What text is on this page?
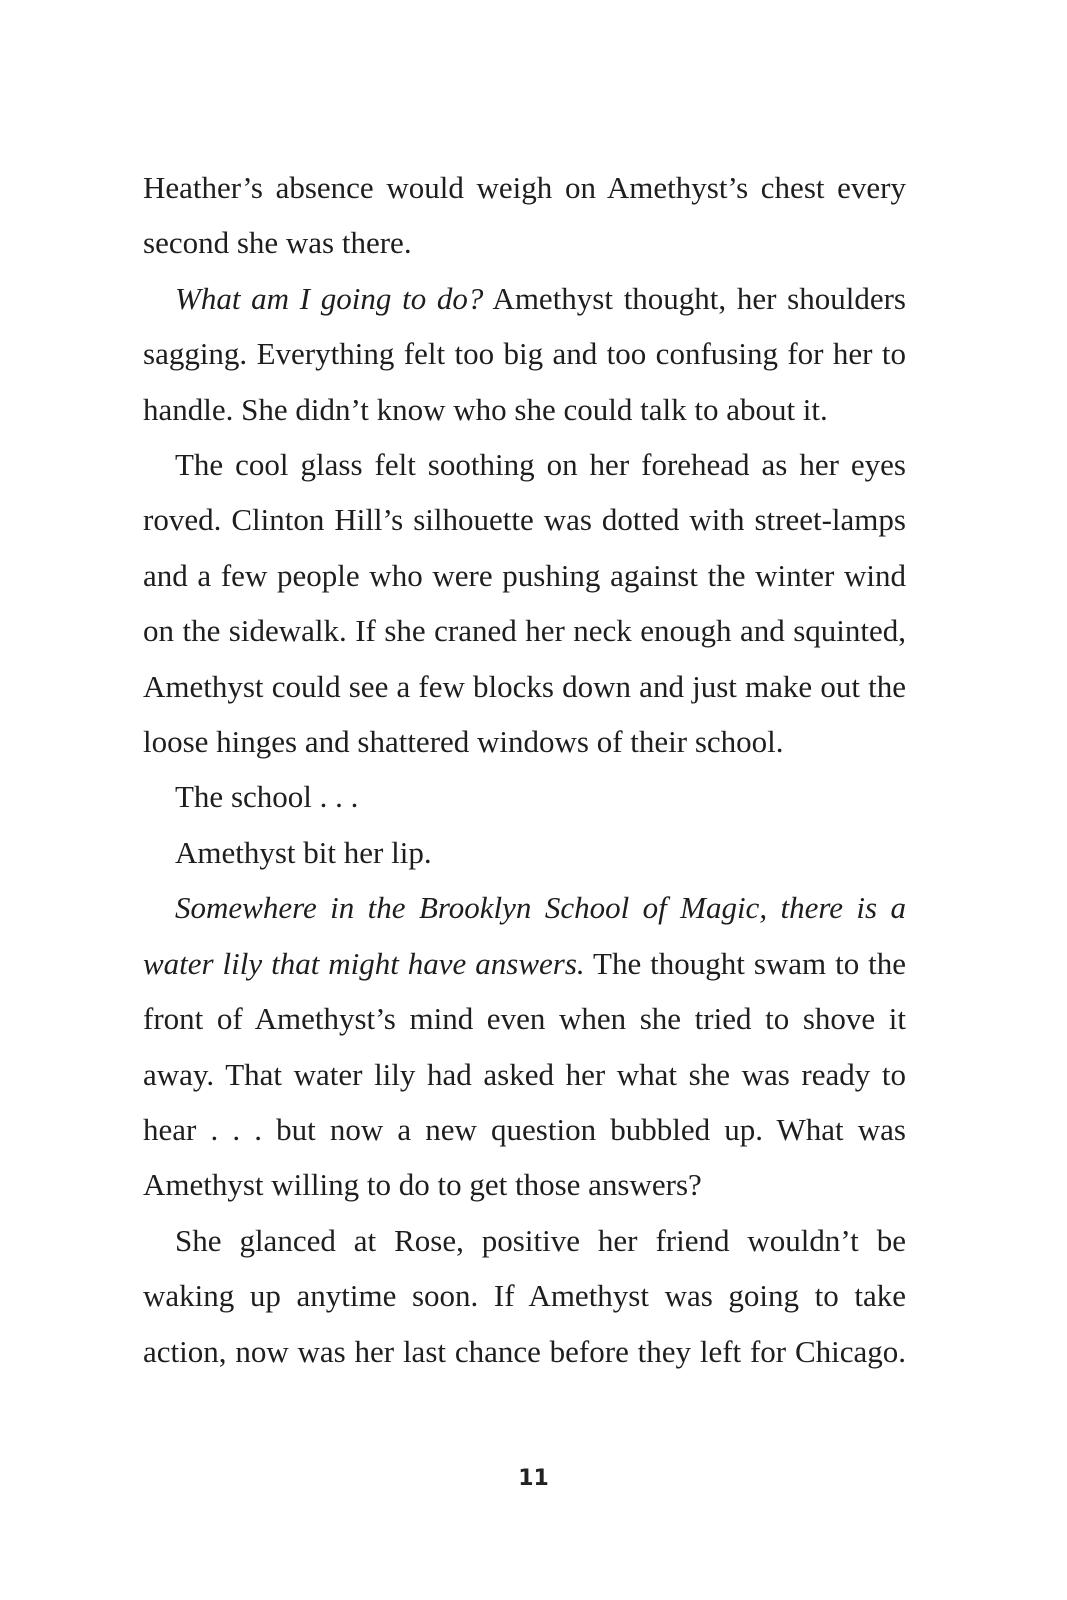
Heather’s absence would weigh on Amethyst’s chest every second she was there.

What am I going to do? Amethyst thought, her shoulders sagging. Everything felt too big and too confusing for her to handle. She didn’t know who she could talk to about it.

The cool glass felt soothing on her forehead as her eyes roved. Clinton Hill’s silhouette was dotted with street-lamps and a few people who were pushing against the winter wind on the sidewalk. If she craned her neck enough and squinted, Amethyst could see a few blocks down and just make out the loose hinges and shattered windows of their school.

The school . . .

Amethyst bit her lip.

Somewhere in the Brooklyn School of Magic, there is a water lily that might have answers. The thought swam to the front of Amethyst’s mind even when she tried to shove it away. That water lily had asked her what she was ready to hear . . . but now a new question bubbled up. What was Amethyst willing to do to get those answers?

She glanced at Rose, positive her friend wouldn’t be waking up anytime soon. If Amethyst was going to take action, now was her last chance before they left for Chicago.

11
